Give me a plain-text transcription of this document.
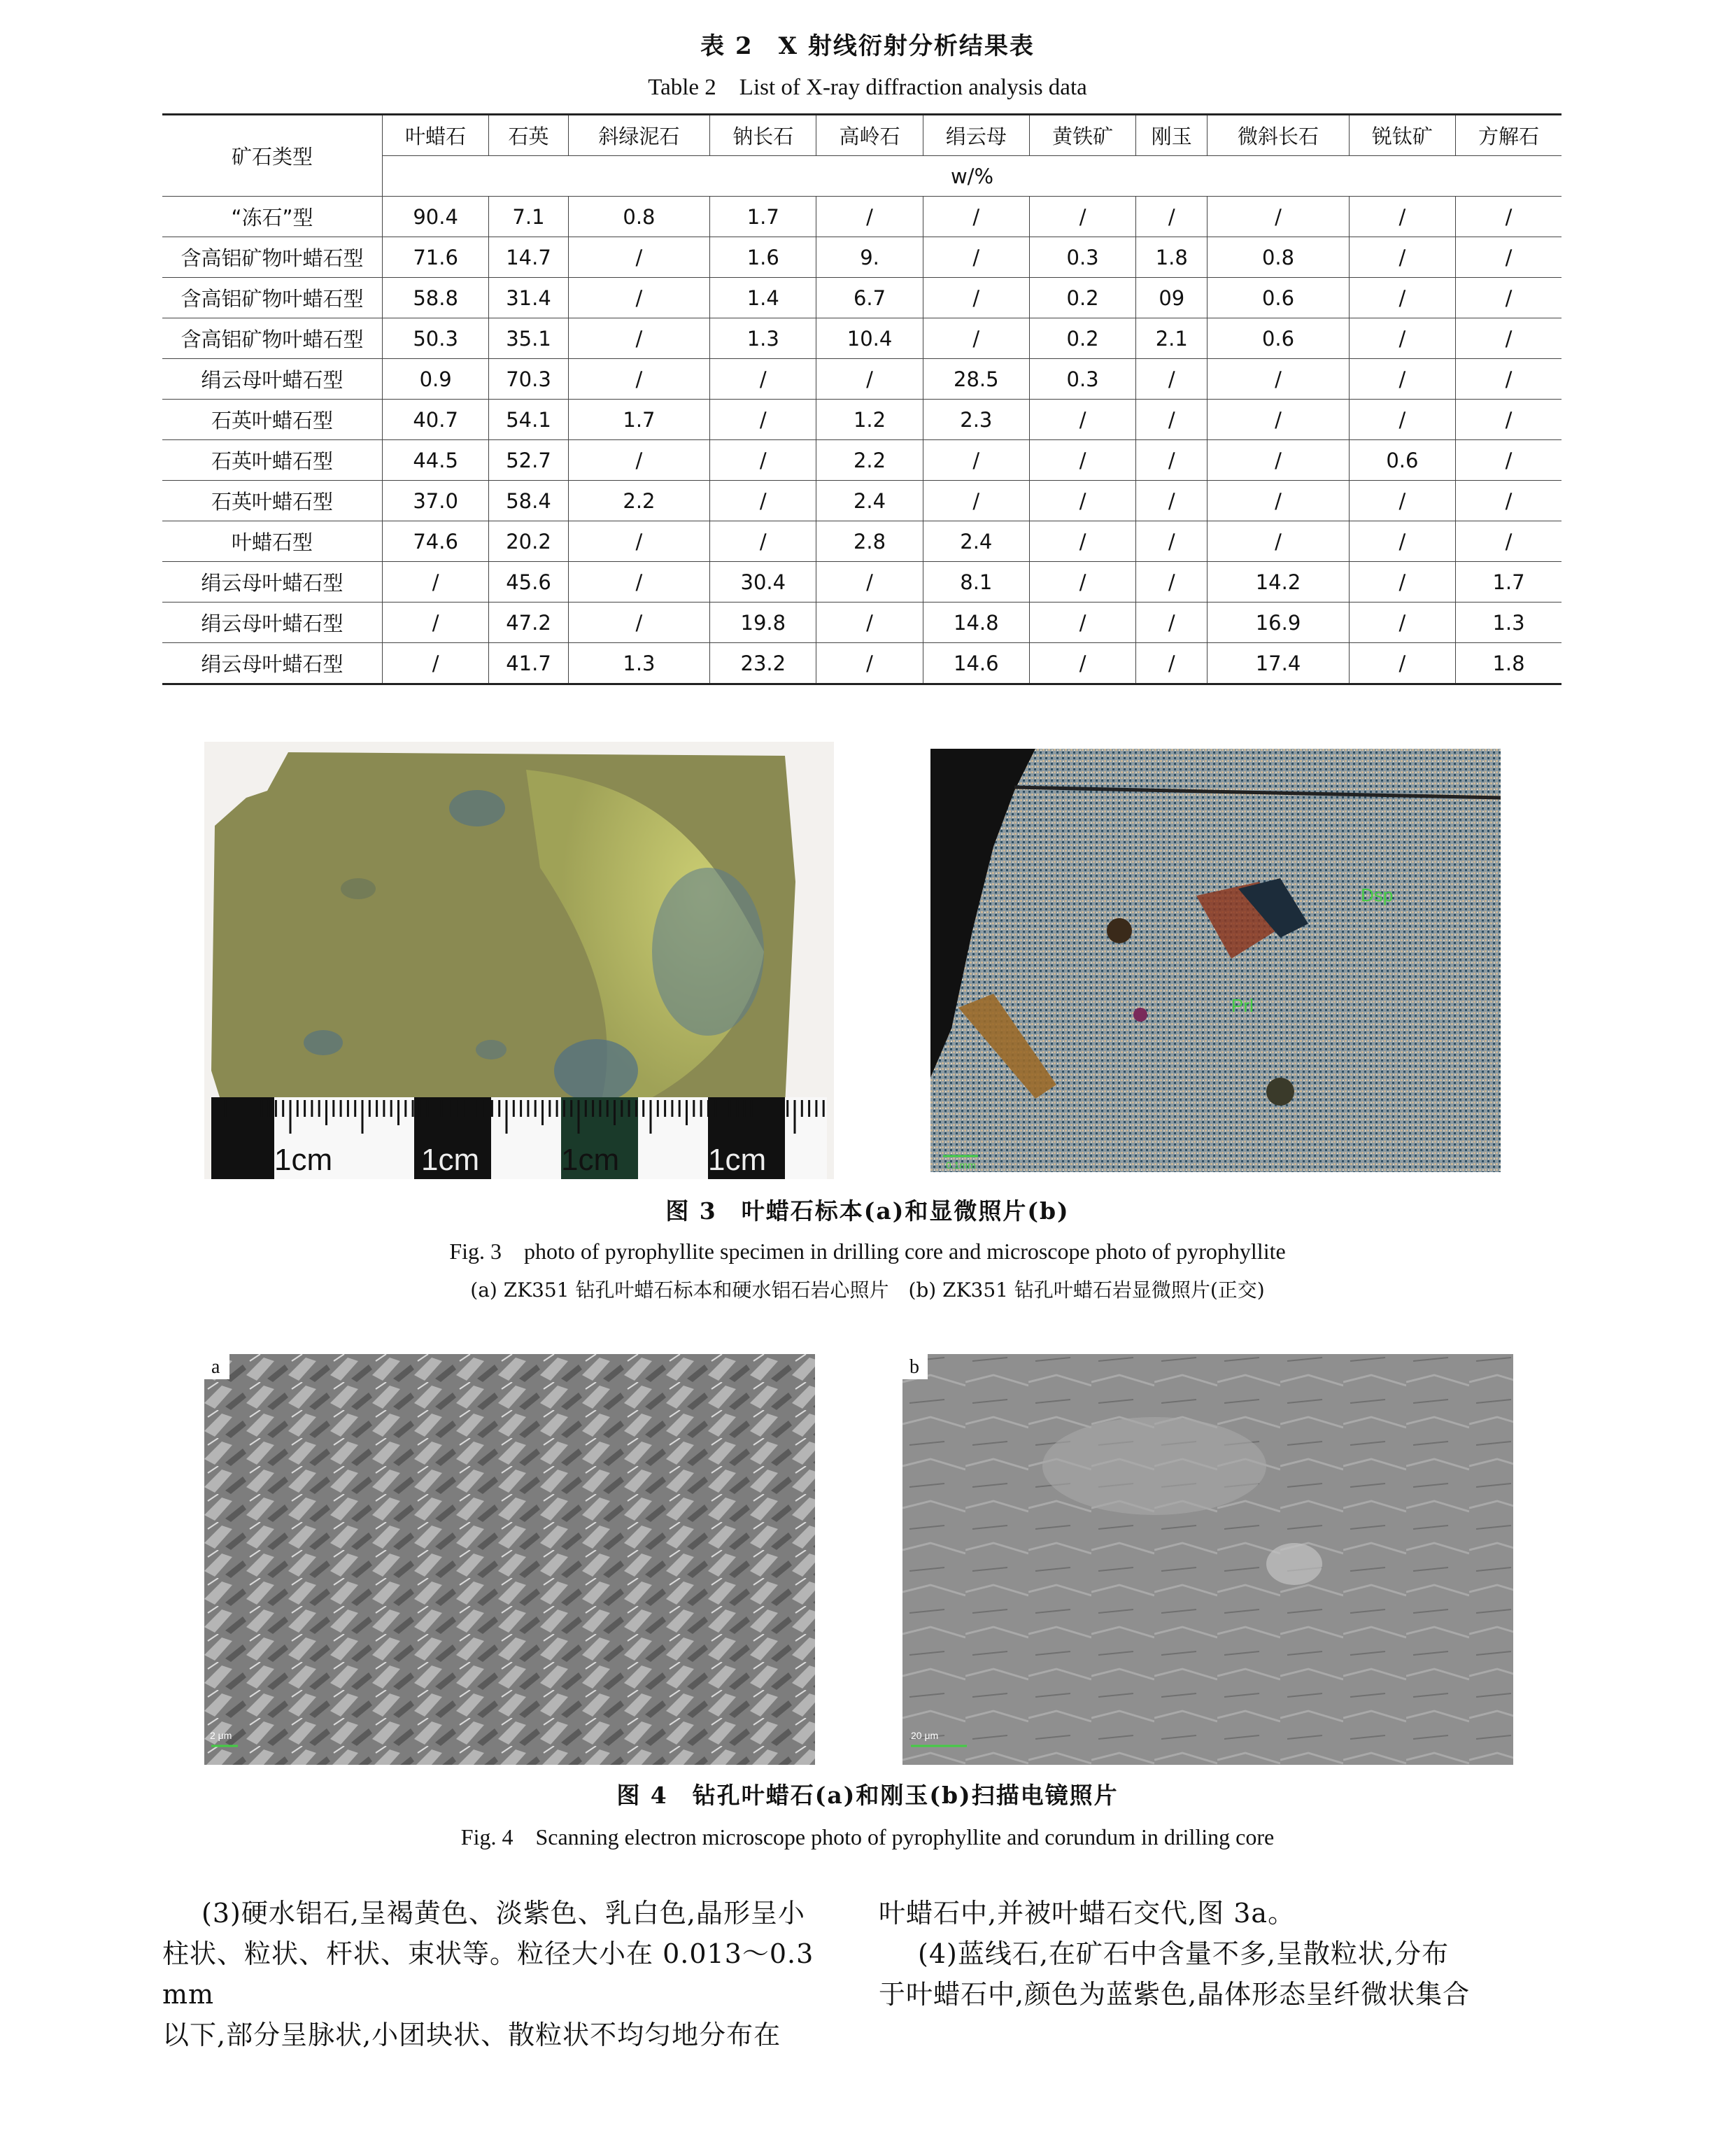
表 2　X 射线衍射分析结果表
Table 2　List of X-ray diffraction analysis data
矿石类型	叶蜡石	石英	斜绿泥石	钠长石	高岭石	绢云母	黄铁矿	刚玉	微斜长石	锐钛矿	方解石
	w/%										
“冻石”型	90.4	7.1	0.8	1.7	/	/	/	/	/	/	/
含高铝矿物叶蜡石型	71.6	14.7	/	1.6	9.	/	0.3	1.8	0.8	/	/
含高铝矿物叶蜡石型	58.8	31.4	/	1.4	6.7	/	0.2	09	0.6	/	/
含高铝矿物叶蜡石型	50.3	35.1	/	1.3	10.4	/	0.2	2.1	0.6	/	/
绢云母叶蜡石型	0.9	70.3	/	/	/	28.5	0.3	/	/	/	/
石英叶蜡石型	40.7	54.1	1.7	/	1.2	2.3	/	/	/	/	/
石英叶蜡石型	44.5	52.7	/	/	2.2	/	/	/	/	0.6	/
石英叶蜡石型	37.0	58.4	2.2	/	2.4	/	/	/	/	/	/
叶蜡石型	74.6	20.2	/	/	2.8	2.4	/	/	/	/	/
绢云母叶蜡石型	/	45.6	/	30.4	/	8.1	/	/	14.2	/	1.7
绢云母叶蜡石型	/	47.2	/	19.8	/	14.8	/	/	16.9	/	1.3
绢云母叶蜡石型	/	41.7	1.3	23.2	/	14.6	/	/	17.4	/	1.8
1cm	1cm	1cm	1cm
Dsp
Prl
0.1mm
图 3　叶蜡石标本(a)和显微照片(b)
Fig. 3　photo of pyrophyllite specimen in drilling core and microscope photo of pyrophyllite
(a) ZK351 钻孔叶蜡石标本和硬水铝石岩心照片　(b) ZK351 钻孔叶蜡石岩显微照片(正交)
a
2 μm
b
20 μm
图 4　钻孔叶蜡石(a)和刚玉(b)扫描电镜照片
Fig. 4　Scanning electron microscope photo of pyrophyllite and corundum in drilling core
(3)硬水铝石,呈褐黄色、淡紫色、乳白色,晶形呈小
柱状、粒状、杆状、束状等。粒径大小在 0.013～0.3 mm
以下,部分呈脉状,小团块状、散粒状不均匀地分布在
叶蜡石中,并被叶蜡石交代,图 3a。
(4)蓝线石,在矿石中含量不多,呈散粒状,分布
于叶蜡石中,颜色为蓝紫色,晶体形态呈纤微状集合
